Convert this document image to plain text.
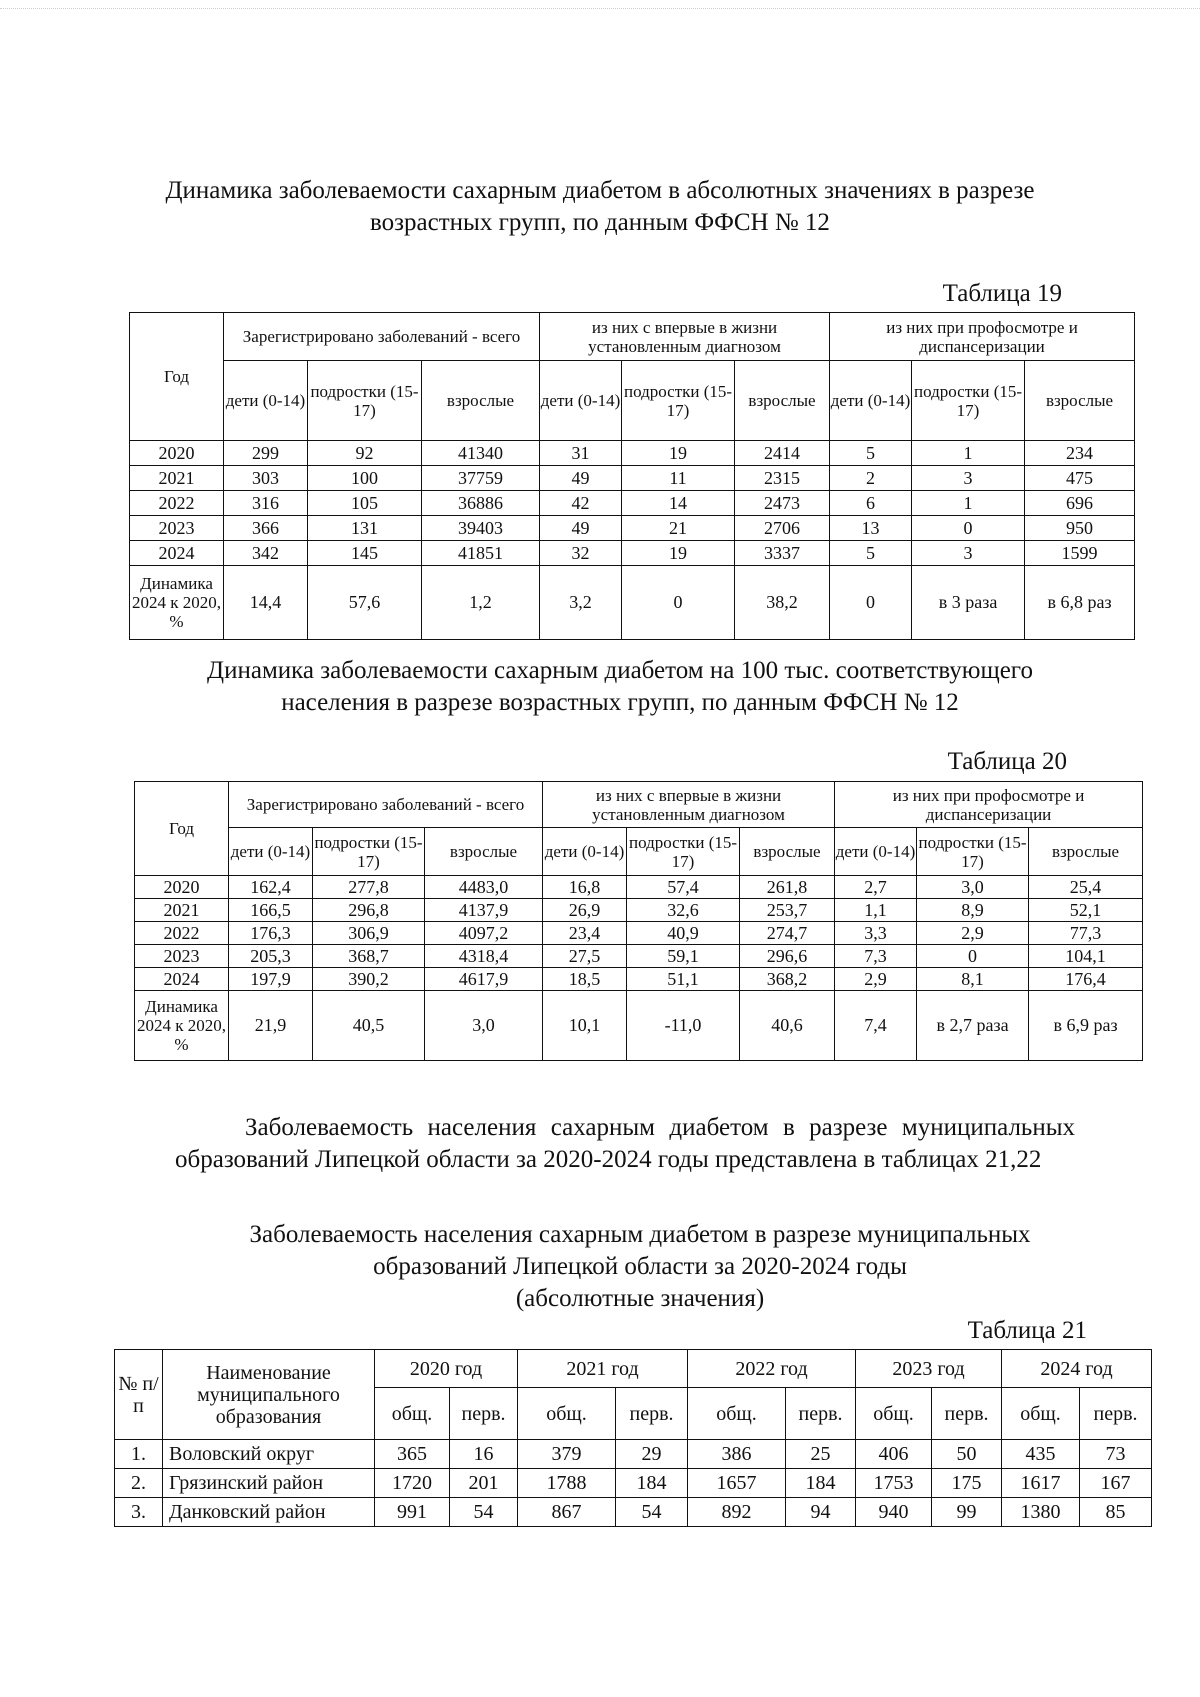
Динамика заболеваемости сахарным диабетом в абсолютных значениях в разрезе
возрастных групп, по данным ФФСН № 12
Таблица 19
Год	Зарегистрировано заболеваний - всего			из них с впервые в жизни установленным диагнозом			из них при профосмотре и диспансеризации		
	дети (0-14)	подростки (15-17)	взрослые	дети (0-14)	подростки (15-17)	взрослые	дети (0-14)	подростки (15-17)	взрослые
2020	299	92	41340	31	19	2414	5	1	234
2021	303	100	37759	49	11	2315	2	3	475
2022	316	105	36886	42	14	2473	6	1	696
2023	366	131	39403	49	21	2706	13	0	950
2024	342	145	41851	32	19	3337	5	3	1599
Динамика 2024 к 2020, %	14,4	57,6	1,2	3,2	0	38,2	0	в 3 раза	в 6,8 раз
Динамика заболеваемости сахарным диабетом на 100 тыс. соответствующего
населения в разрезе возрастных групп, по данным ФФСН № 12
Таблица 20
Год	Зарегистрировано заболеваний - всего			из них с впервые в жизни установленным диагнозом			из них при профосмотре и диспансеризации		
	дети (0-14)	подростки (15-17)	взрослые	дети (0-14)	подростки (15-17)	взрослые	дети (0-14)	подростки (15-17)	взрослые
2020	162,4	277,8	4483,0	16,8	57,4	261,8	2,7	3,0	25,4
2021	166,5	296,8	4137,9	26,9	32,6	253,7	1,1	8,9	52,1
2022	176,3	306,9	4097,2	23,4	40,9	274,7	3,3	2,9	77,3
2023	205,3	368,7	4318,4	27,5	59,1	296,6	7,3	0	104,1
2024	197,9	390,2	4617,9	18,5	51,1	368,2	2,9	8,1	176,4
Динамика 2024 к 2020, %	21,9	40,5	3,0	10,1	-11,0	40,6	7,4	в 2,7 раза	в 6,9 раз
Заболеваемость населения сахарным диабетом в разрезе муниципальных
образований Липецкой области за 2020-2024 годы представлена в таблицах 21,22
Заболеваемость населения сахарным диабетом в разрезе муниципальных
образований Липецкой области за 2020-2024 годы
(абсолютные значения)
Таблица 21
№ п/п	Наименование муниципального образования	2020 год		2021 год		2022 год		2023 год		2024 год	
		общ.	перв.	общ.	перв.	общ.	перв.	общ.	перв.	общ.	перв.
1.	Воловский округ	365	16	379	29	386	25	406	50	435	73
2.	Грязинский район	1720	201	1788	184	1657	184	1753	175	1617	167
3.	Данковский район	991	54	867	54	892	94	940	99	1380	85
